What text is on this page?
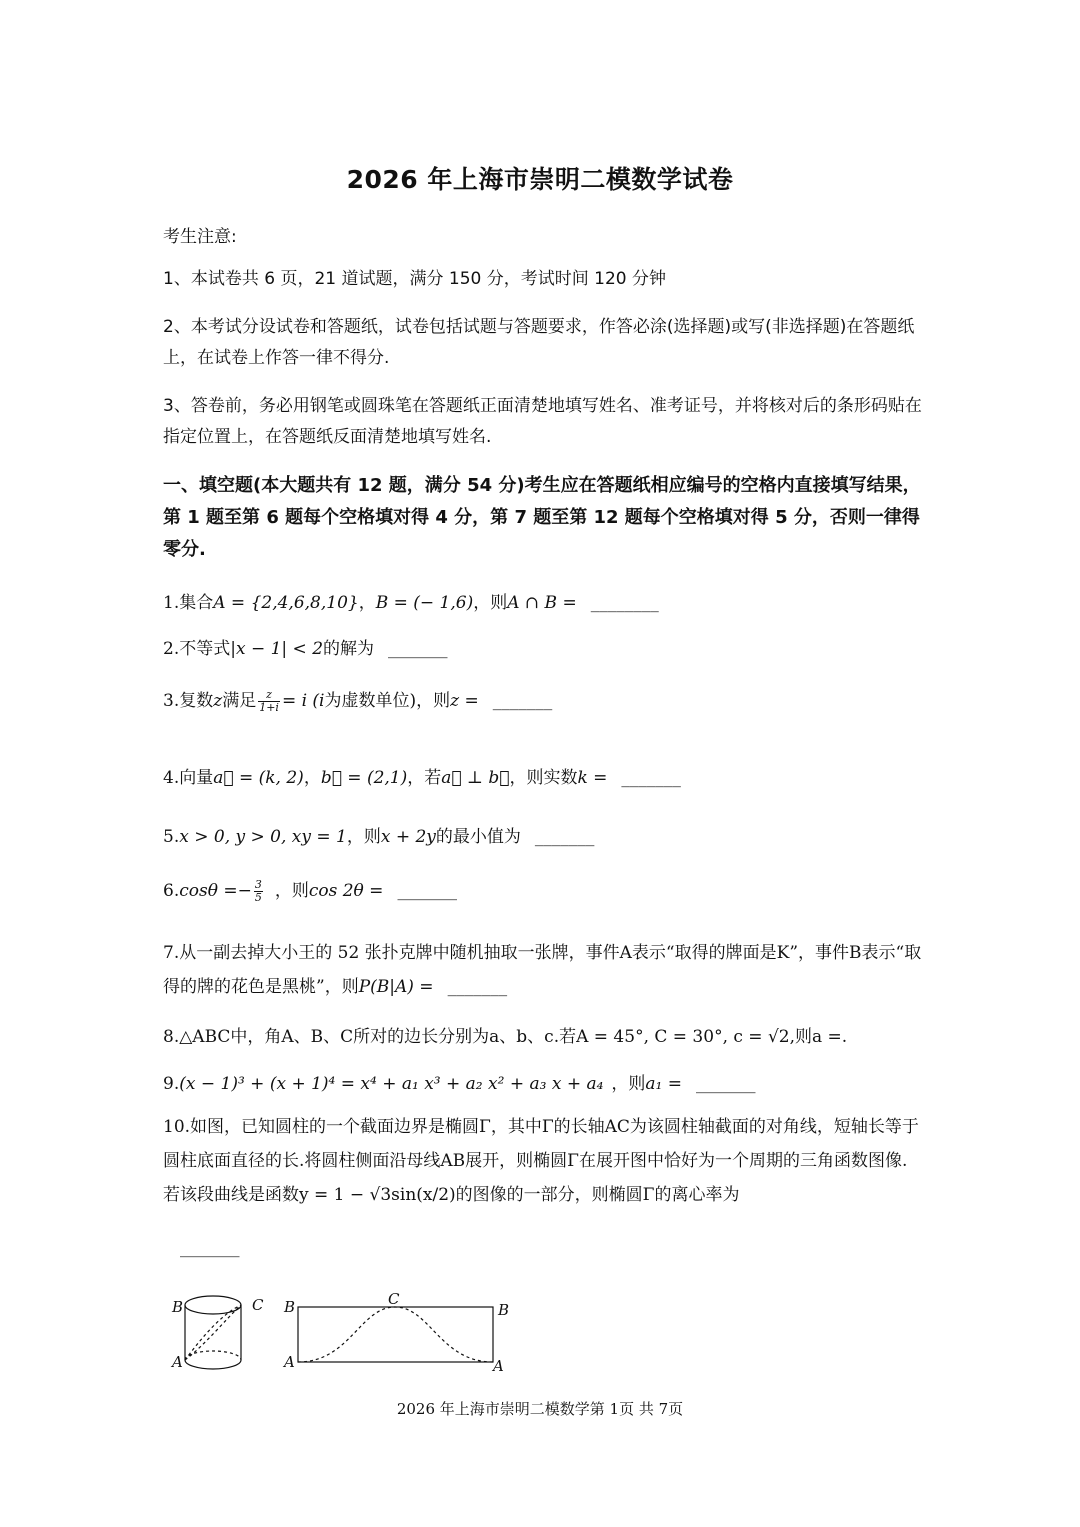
2026 年上海市崇明二模数学试卷
考生注意:
1、本试卷共 6 页，21 道试题，满分 150 分，考试时间 120 分钟
2、本考试分设试卷和答题纸，试卷包括试题与答题要求，作答必涂(选择题)或写(非选择题)在答题纸上，在试卷上作答一律不得分.
3、答卷前，务必用钢笔或圆珠笔在答题纸正面清楚地填写姓名、准考证号，并将核对后的条形码贴在指定位置上，在答题纸反面清楚地填写姓名.
一、填空题(本大题共有 12 题，满分 54 分)考生应在答题纸相应编号的空格内直接填写结果，第 1 题至第 6 题每个空格填对得 4 分，第 7 题至第 12 题每个空格填对得 5 分，否则一律得零分.
1.集合A = {2,4,6,8,10}，B = (− 1,6)，则A ∩ B = ________
2.不等式|x − 1| < 2的解为 _______
3.复数z满足 $\frac{z}{1+i} = i$ (i为虚数单位)，则z = _______
4.向量a⃗ = (k, 2)，b⃗ = (2,1)，若a⃗ ⊥ b⃗，则实数k = _______
5.x > 0, y > 0, xy = 1，则x + 2y的最小值为 _______
$6.\cos\theta =- \frac{3}{5}$ ，则cos 2θ = _______
7.从一副去掉大小王的 52 张扑克牌中随机抽取一张牌，事件A表示“取得的牌面是K”，事件B表示“取得的牌的花色是黑桃”，则P(B|A) = _______
8.△ABC中，角A、B、C所对的边长分别为a、b、c.若A = 45°, C = 30°, c = √2,则a =.
9.(x − 1)³ + (x + 1)⁴ = x⁴ + a₁ x³ + a₂ x² + a₃ x + a₄ ，则a₁ = _______
10.如图，已知圆柱的一个截面边界是椭圆Γ，其中Γ的长轴AC为该圆柱轴截面的对角线，短轴长等于圆柱底面直径的长.将圆柱侧面沿母线AB展开，则椭圆Γ在展开图中恰好为一个周期的三角函数图像.若该段曲线是函数y = 1 − √3sin(x/2)的图像的一部分，则椭圆Γ的离心率为
_______
B	C
A
B	C
B
A	A
2026 年上海市崇明二模数学第 1页 共 7页
